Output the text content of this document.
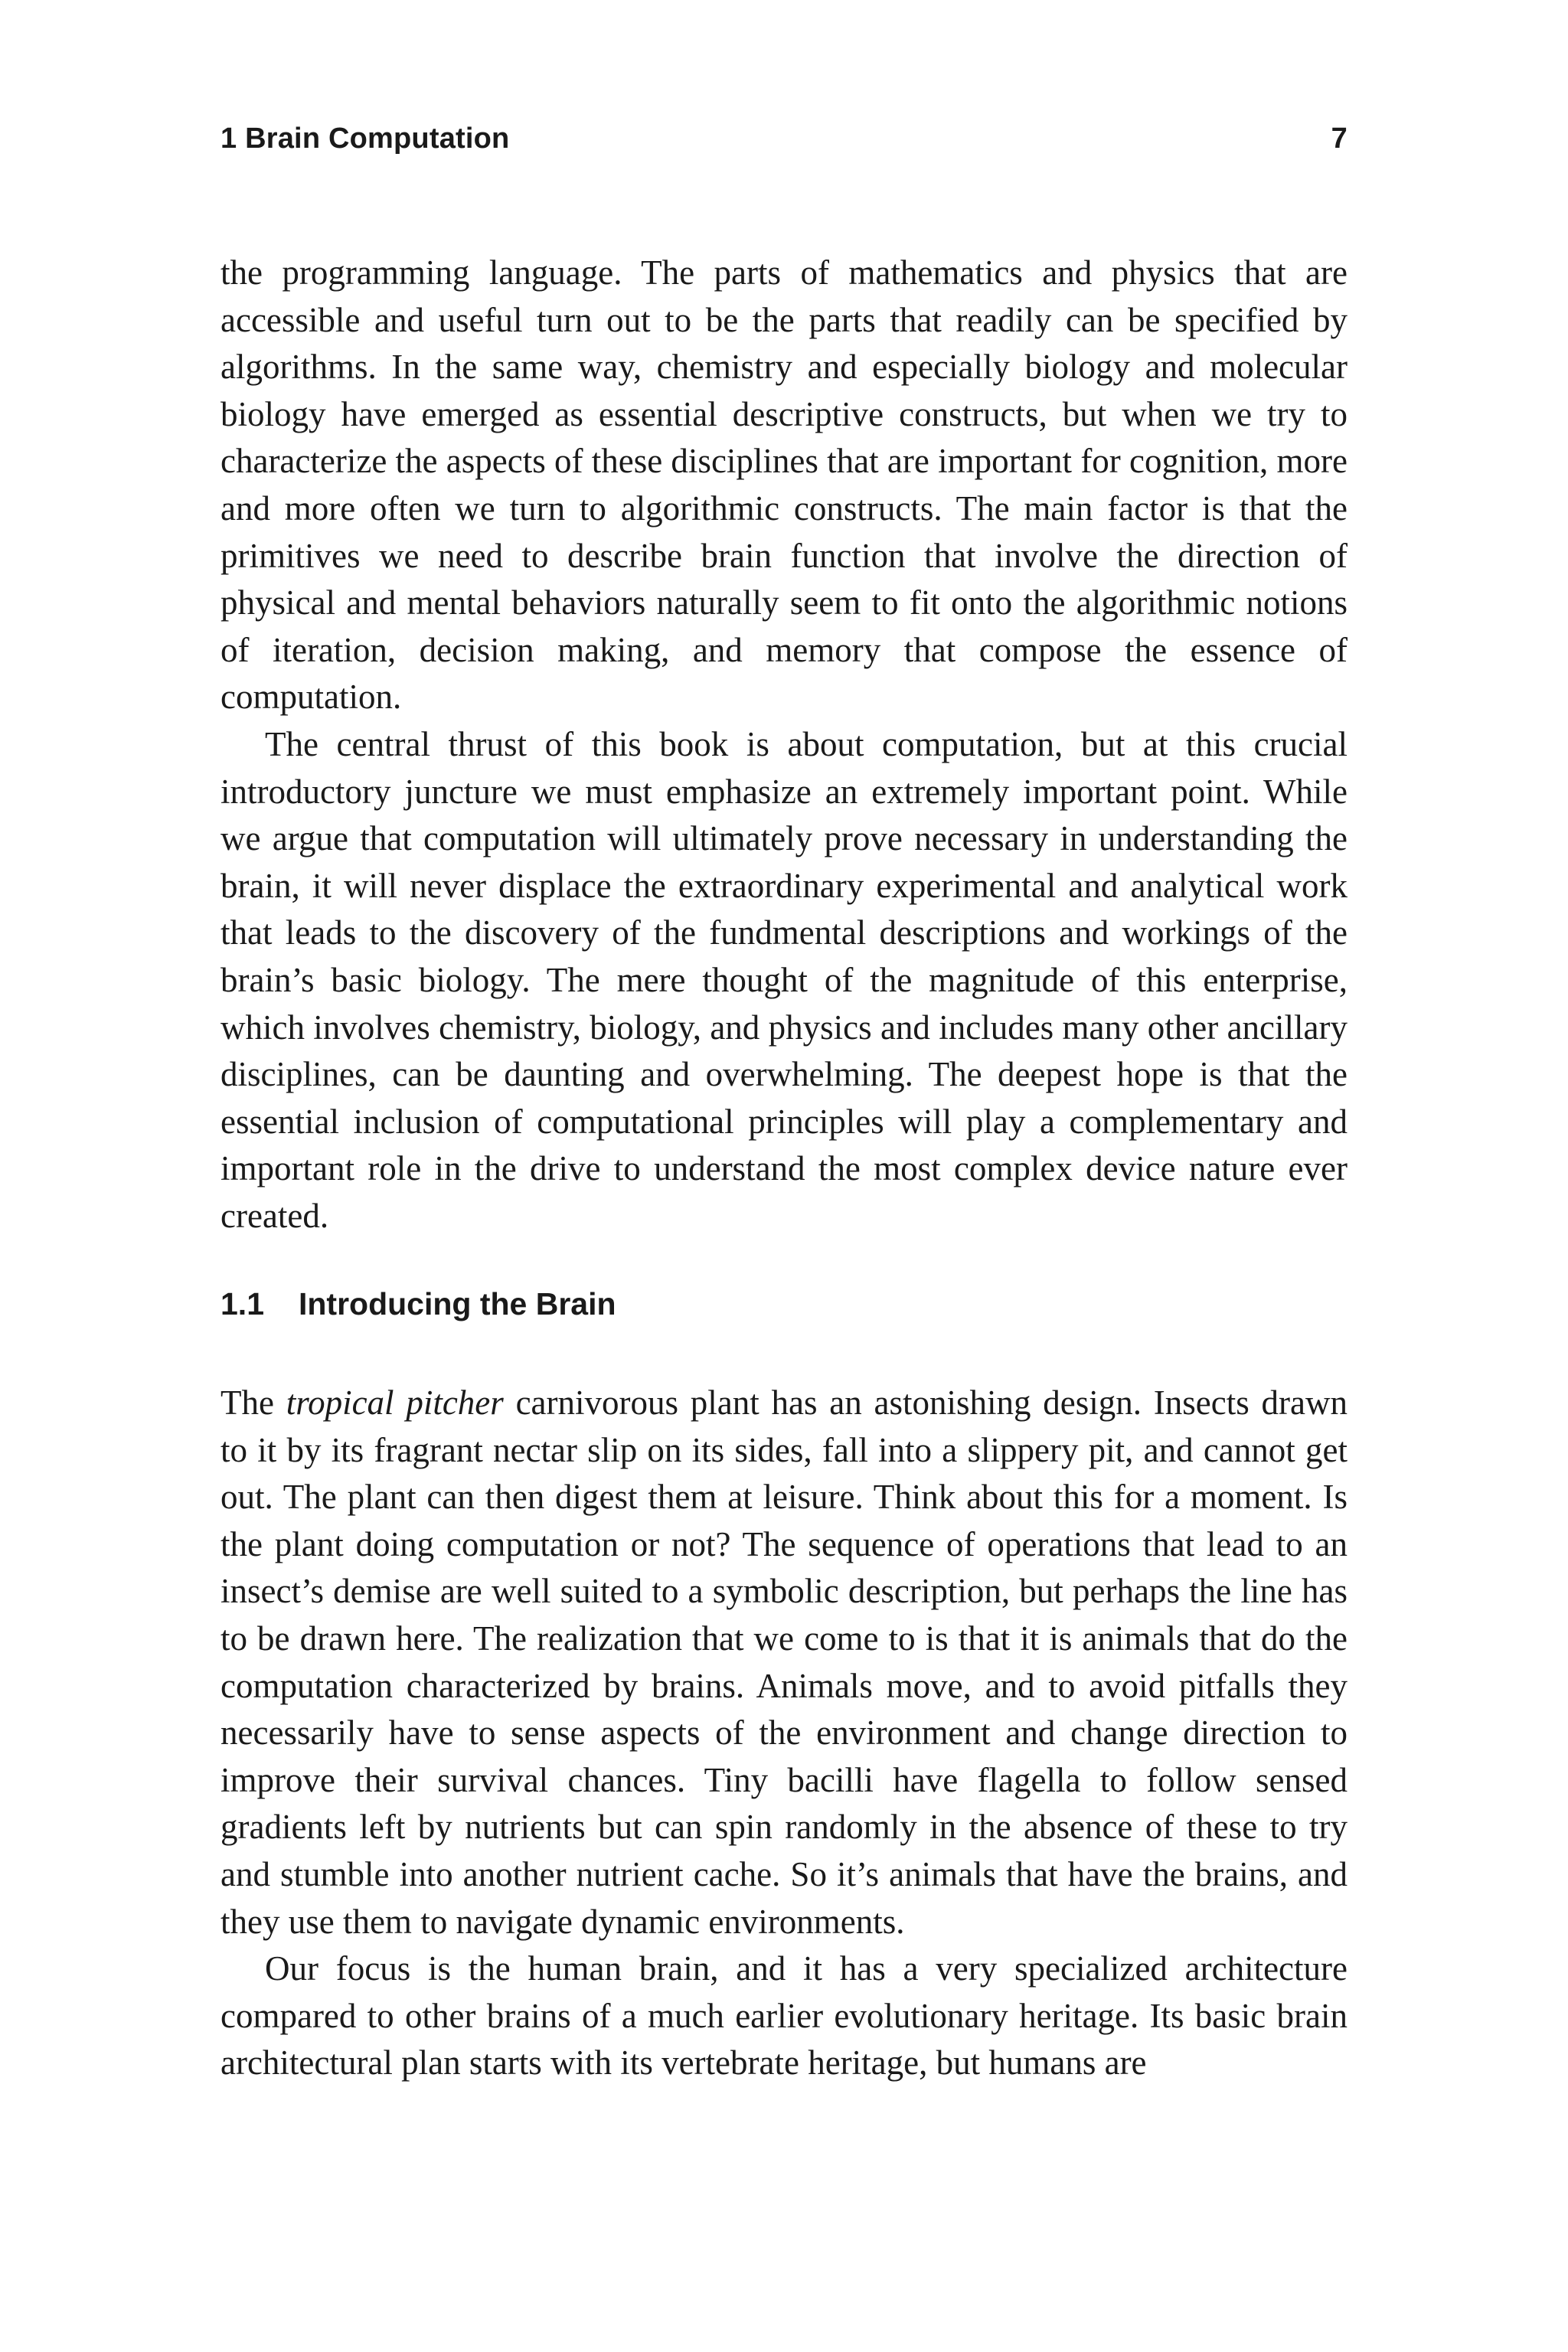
1 Brain Computation	7

the programming language. The parts of mathematics and physics that are accessible and useful turn out to be the parts that readily can be specified by algorithms. In the same way, chemistry and especially biology and molecular biology have emerged as essential descriptive constructs, but when we try to characterize the aspects of these disciplines that are important for cognition, more and more often we turn to algorithmic constructs. The main factor is that the primitives we need to describe brain function that involve the direction of physical and mental behaviors naturally seem to fit onto the algorithmic notions of iteration, decision making, and memory that compose the essence of computation.

The central thrust of this book is about computation, but at this crucial introductory juncture we must emphasize an extremely important point. While we argue that computation will ultimately prove necessary in understanding the brain, it will never displace the extraordinary experimental and analytical work that leads to the discovery of the fundmental descriptions and workings of the brain’s basic biology. The mere thought of the magnitude of this enterprise, which involves chemistry, biology, and physics and includes many other ancillary disciplines, can be daunting and overwhelming. The deepest hope is that the essential inclusion of computational principles will play a complementary and important role in the drive to understand the most complex device nature ever created.

1.1	Introducing the Brain

The tropical pitcher carnivorous plant has an astonishing design. Insects drawn to it by its fragrant nectar slip on its sides, fall into a slippery pit, and cannot get out. The plant can then digest them at leisure. Think about this for a moment. Is the plant doing computation or not? The sequence of operations that lead to an insect’s demise are well suited to a symbolic description, but perhaps the line has to be drawn here. The realization that we come to is that it is animals that do the computation characterized by brains. Animals move, and to avoid pitfalls they necessarily have to sense aspects of the environment and change direction to improve their survival chances. Tiny bacilli have flagella to follow sensed gradients left by nutrients but can spin randomly in the absence of these to try and stumble into another nutrient cache. So it’s animals that have the brains, and they use them to navigate dynamic environments.

Our focus is the human brain, and it has a very specialized architecture compared to other brains of a much earlier evolutionary heritage. Its basic brain architectural plan starts with its vertebrate heritage, but humans are
